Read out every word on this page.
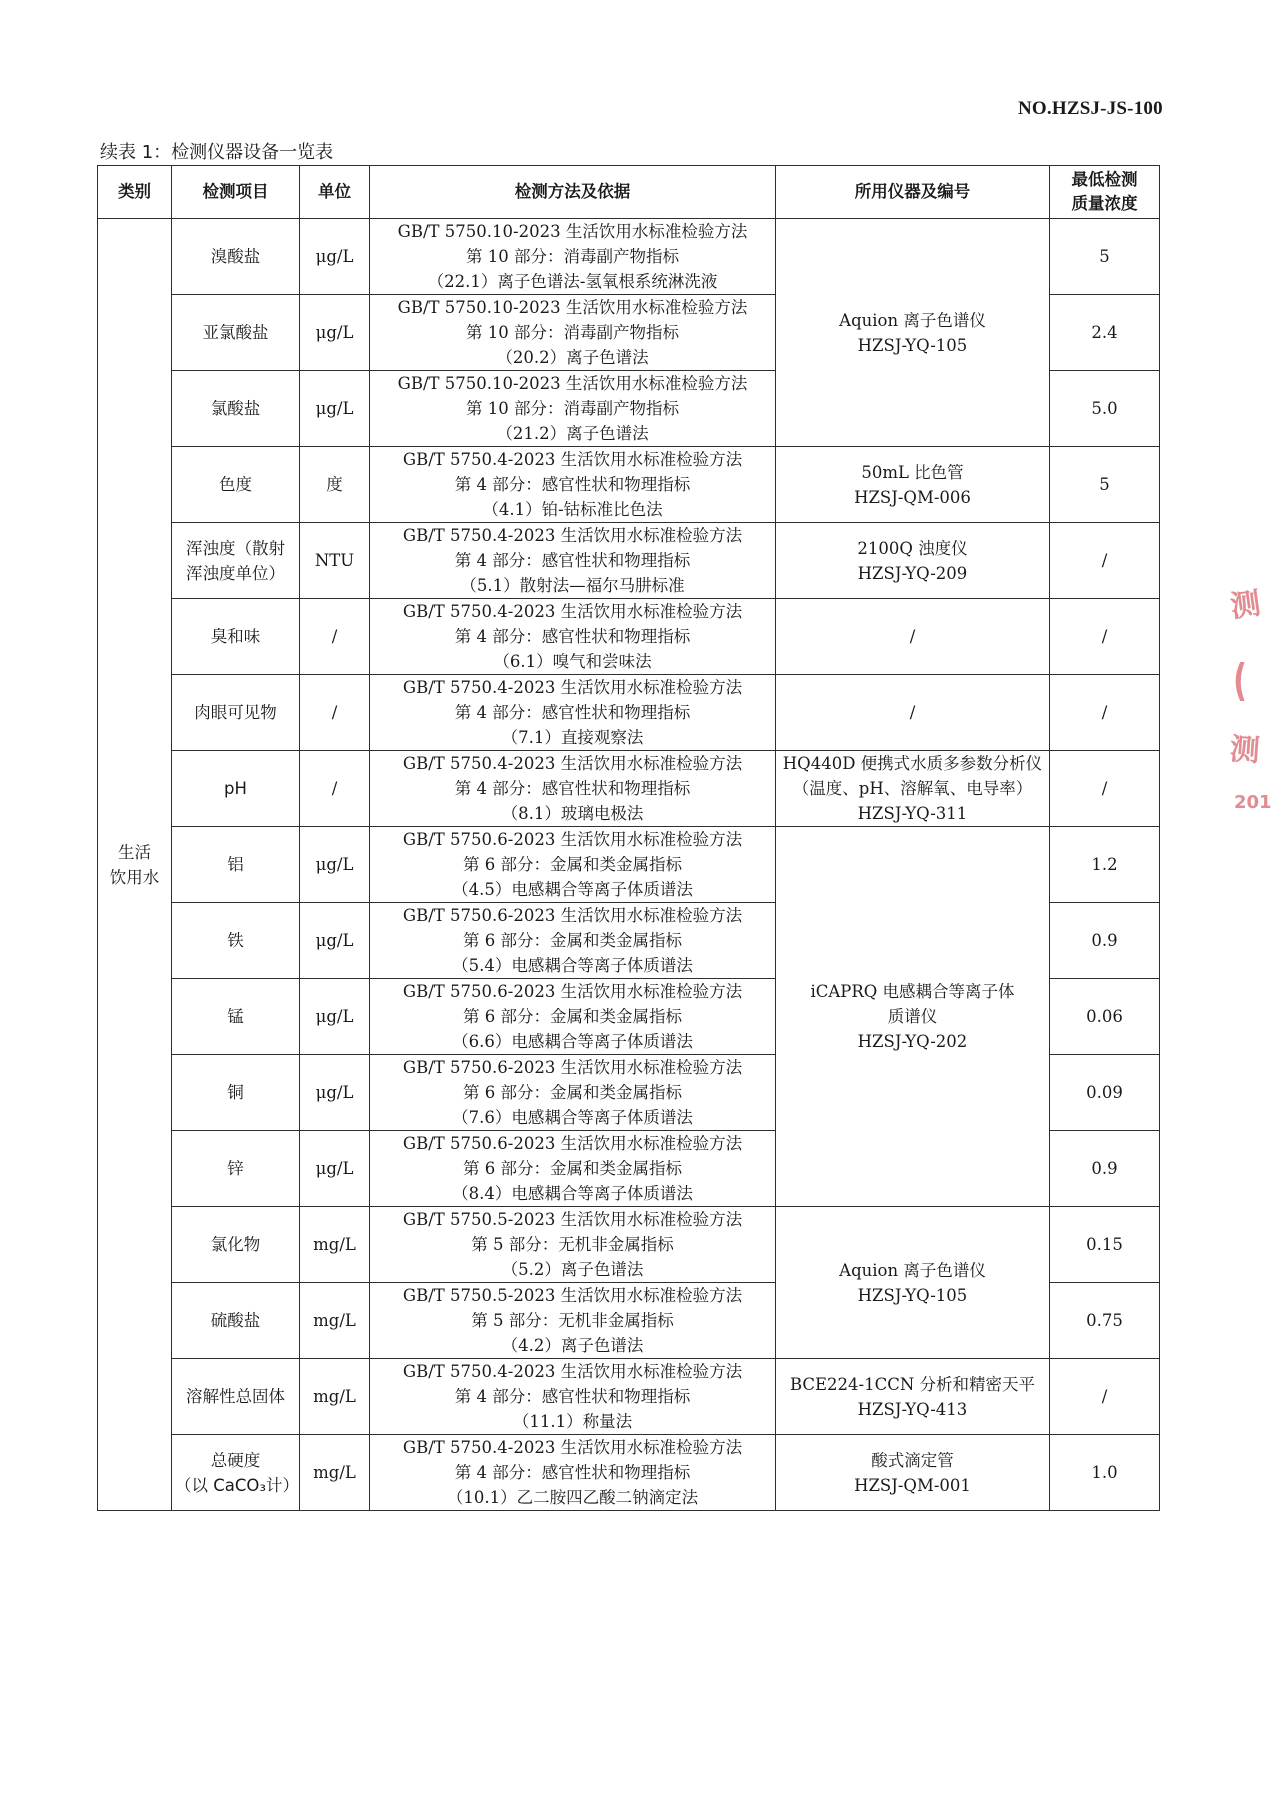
NO.HZSJ-JS-100
续表 1：检测仪器设备一览表
类别	检测项目	单位	检测方法及依据	所用仪器及编号	最低检测
质量浓度

生活
饮用水	溴酸盐	μg/L	GB/T 5750.10-2023 生活饮用水标准检验方法
第 10 部分：消毒副产物指标
（22.1）离子色谱法-氢氧根系统淋洗液	Aquion 离子色谱仪
HZSJ-YQ-105	5

	亚氯酸盐	μg/L	GB/T 5750.10-2023 生活饮用水标准检验方法
第 10 部分：消毒副产物指标
（20.2）离子色谱法		2.4

	氯酸盐	μg/L	GB/T 5750.10-2023 生活饮用水标准检验方法
第 10 部分：消毒副产物指标
（21.2）离子色谱法		5.0

	色度	度	GB/T 5750.4-2023 生活饮用水标准检验方法
第 4 部分：感官性状和物理指标
（4.1）铂-钴标准比色法	50mL 比色管
HZSJ-QM-006	5

	浑浊度（散射
浑浊度单位）	NTU	GB/T 5750.4-2023 生活饮用水标准检验方法
第 4 部分：感官性状和物理指标
（5.1）散射法—福尔马肼标准	2100Q 浊度仪
HZSJ-YQ-209	/

	臭和味	/	GB/T 5750.4-2023 生活饮用水标准检验方法
第 4 部分：感官性状和物理指标
（6.1）嗅气和尝味法	/	/

	肉眼可见物	/	GB/T 5750.4-2023 生活饮用水标准检验方法
第 4 部分：感官性状和物理指标
（7.1）直接观察法	/	/

	pH	/	GB/T 5750.4-2023 生活饮用水标准检验方法
第 4 部分：感官性状和物理指标
（8.1）玻璃电极法	HQ440D 便携式水质多参数分析仪
（温度、pH、溶解氧、电导率）
HZSJ-YQ-311	/

	铝	μg/L	GB/T 5750.6-2023 生活饮用水标准检验方法
第 6 部分：金属和类金属指标
（4.5）电感耦合等离子体质谱法	iCAPRQ 电感耦合等离子体
质谱仪
HZSJ-YQ-202	1.2

	铁	μg/L	GB/T 5750.6-2023 生活饮用水标准检验方法
第 6 部分：金属和类金属指标
（5.4）电感耦合等离子体质谱法		0.9

	锰	μg/L	GB/T 5750.6-2023 生活饮用水标准检验方法
第 6 部分：金属和类金属指标
（6.6）电感耦合等离子体质谱法		0.06

	铜	μg/L	GB/T 5750.6-2023 生活饮用水标准检验方法
第 6 部分：金属和类金属指标
（7.6）电感耦合等离子体质谱法		0.09

	锌	μg/L	GB/T 5750.6-2023 生活饮用水标准检验方法
第 6 部分：金属和类金属指标
（8.4）电感耦合等离子体质谱法		0.9

	氯化物	mg/L	GB/T 5750.5-2023 生活饮用水标准检验方法
第 5 部分：无机非金属指标
（5.2）离子色谱法	Aquion 离子色谱仪
HZSJ-YQ-105	0.15

	硫酸盐	mg/L	GB/T 5750.5-2023 生活饮用水标准检验方法
第 5 部分：无机非金属指标
（4.2）离子色谱法		0.75

	溶解性总固体	mg/L	GB/T 5750.4-2023 生活饮用水标准检验方法
第 4 部分：感官性状和物理指标
（11.1）称量法	BCE224-1CCN 分析和精密天平
HZSJ-YQ-413	/

	总硬度
（以 CaCO₃计）	mg/L	GB/T 5750.4-2023 生活饮用水标准检验方法
第 4 部分：感官性状和物理指标
（10.1）乙二胺四乙酸二钠滴定法	酸式滴定管
HZSJ-QM-001	1.0
测
(
测
201
